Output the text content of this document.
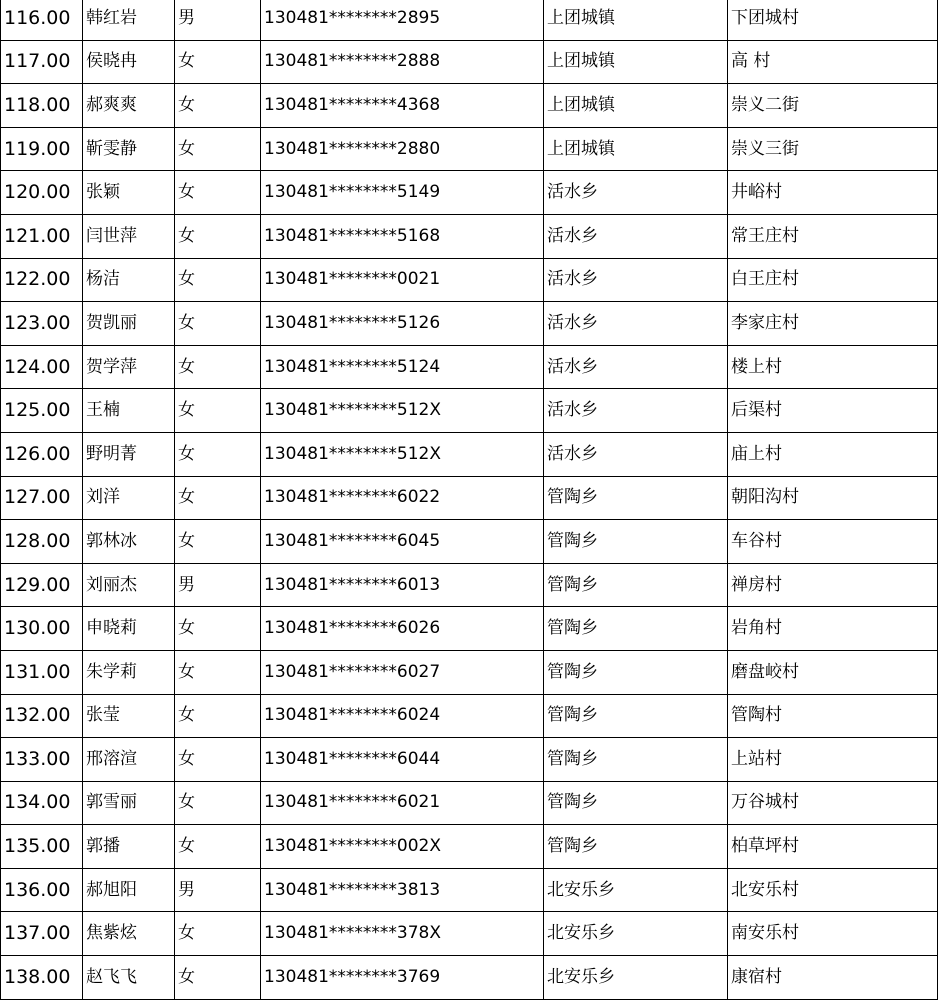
116.00	韩红岩	男	130481********2895	上团城镇	下团城村
117.00	侯晓冉	女	130481********2888	上团城镇	高 村
118.00	郝爽爽	女	130481********4368	上团城镇	崇义二街
119.00	靳雯静	女	130481********2880	上团城镇	崇义三街
120.00	张颖	女	130481********5149	活水乡	井峪村
121.00	闫世萍	女	130481********5168	活水乡	常王庄村
122.00	杨洁	女	130481********0021	活水乡	白王庄村
123.00	贺凯丽	女	130481********5126	活水乡	李家庄村
124.00	贺学萍	女	130481********5124	活水乡	楼上村
125.00	王楠	女	130481********512X	活水乡	后渠村
126.00	野明菁	女	130481********512X	活水乡	庙上村
127.00	刘洋	女	130481********6022	管陶乡	朝阳沟村
128.00	郭林冰	女	130481********6045	管陶乡	车谷村
129.00	刘丽杰	男	130481********6013	管陶乡	禅房村
130.00	申晓莉	女	130481********6026	管陶乡	岩角村
131.00	朱学莉	女	130481********6027	管陶乡	磨盘峧村
132.00	张莹	女	130481********6024	管陶乡	管陶村
133.00	邢溶渲	女	130481********6044	管陶乡	上站村
134.00	郭雪丽	女	130481********6021	管陶乡	万谷城村
135.00	郭播	女	130481********002X	管陶乡	柏草坪村
136.00	郝旭阳	男	130481********3813	北安乐乡	北安乐村
137.00	焦紫炫	女	130481********378X	北安乐乡	南安乐村
138.00	赵飞飞	女	130481********3769	北安乐乡	康宿村
